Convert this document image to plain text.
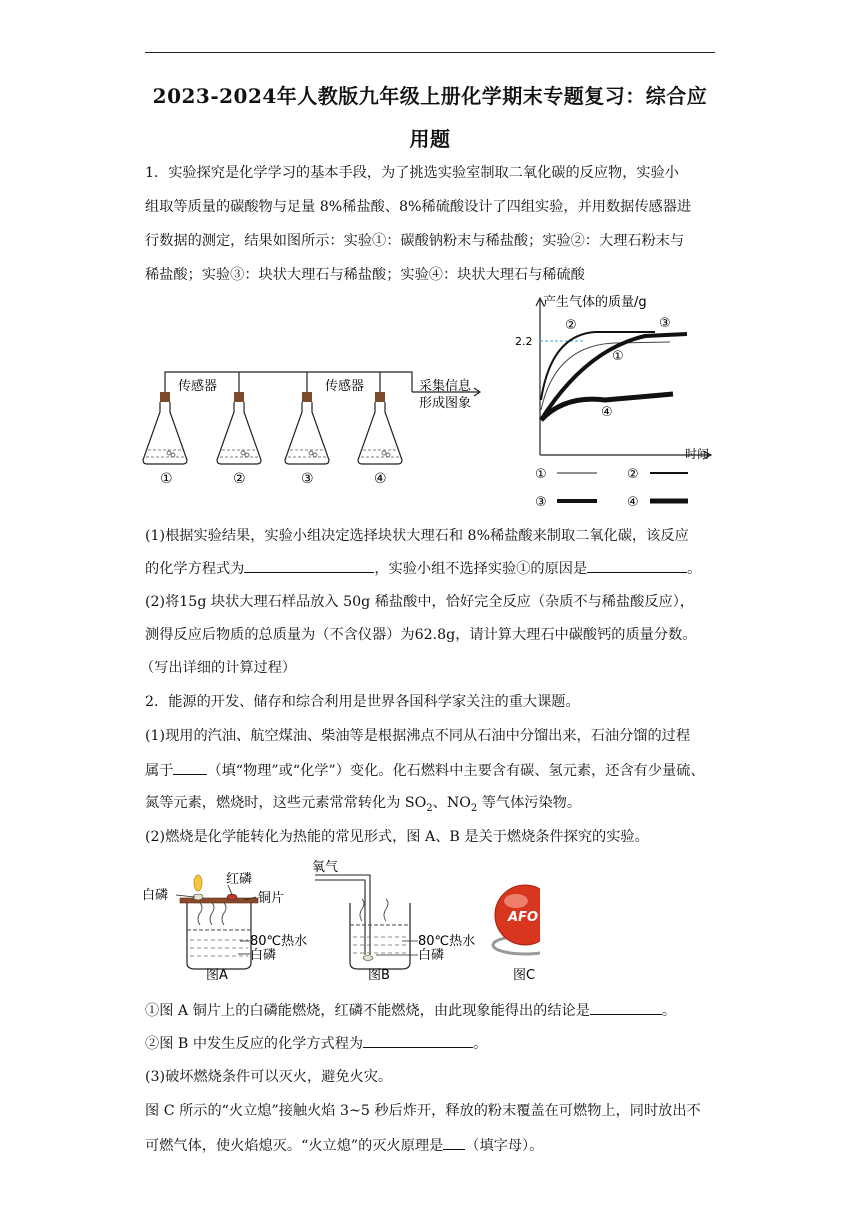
2023-2024年人教版九年级上册化学期末专题复习：综合应
用题
1．实验探究是化学学习的基本手段，为了挑选实验室制取二氧化碳的反应物，实验小
组取等质量的碳酸物与足量 8%稀盐酸、8%稀硫酸设计了四组实验，并用数据传感器进
行数据的测定，结果如图所示：实验①：碳酸钠粉末与稀盐酸；实验②：大理石粉末与
稀盐酸；实验③：块状大理石与稀盐酸；实验④：块状大理石与稀硫酸
传感器	传感器	采集信息
形成图象
①	②	③	④
产生气体的质量/g
时间
2.2
②	③
①
④
①	②
③	④
(1)根据实验结果，实验小组决定选择块状大理石和 8%稀盐酸来制取二氧化碳，该反应
的化学方程式为	，实验小组不选择实验①的原因是	。
(2)将15g 块状大理石样品放入 50g 稀盐酸中，恰好完全反应（杂质不与稀盐酸反应），
测得反应后物质的总质量为（不含仪器）为62.8g，请计算大理石中碳酸钙的质量分数。
（写出详细的计算过程）
2．能源的开发、储存和综合利用是世界各国科学家关注的重大课题。
(1)现用的汽油、航空煤油、柴油等是根据沸点不同从石油中分馏出来，石油分馏的过程
属于 （填“物理”或“化学”）变化。化石燃料中主要含有碳、氢元素，还含有少量硫、
氮等元素，燃烧时，这些元素常常转化为 $SO_2$、$NO_2$ 等气体污染物。
(2)燃烧是化学能转化为热能的常见形式，图 A、B 是关于燃烧条件探究的实验。
白磷
红磷
铜片
80℃热水
白磷
图A
氧气
80℃热水
白磷
图B
AFO
图C
①图 A 铜片上的白磷能燃烧，红磷不能燃烧，由此现象能得出的结论是	。
②图 B 中发生反应的化学方式程为	。
(3)破坏燃烧条件可以灭火，避免火灾。
图 C 所示的“火立熄”接触火焰 3~5 秒后炸开，释放的粉末覆盖在可燃物上，同时放出不
可燃气体，使火焰熄灭。“火立熄”的灭火原理是 （填字母）。
